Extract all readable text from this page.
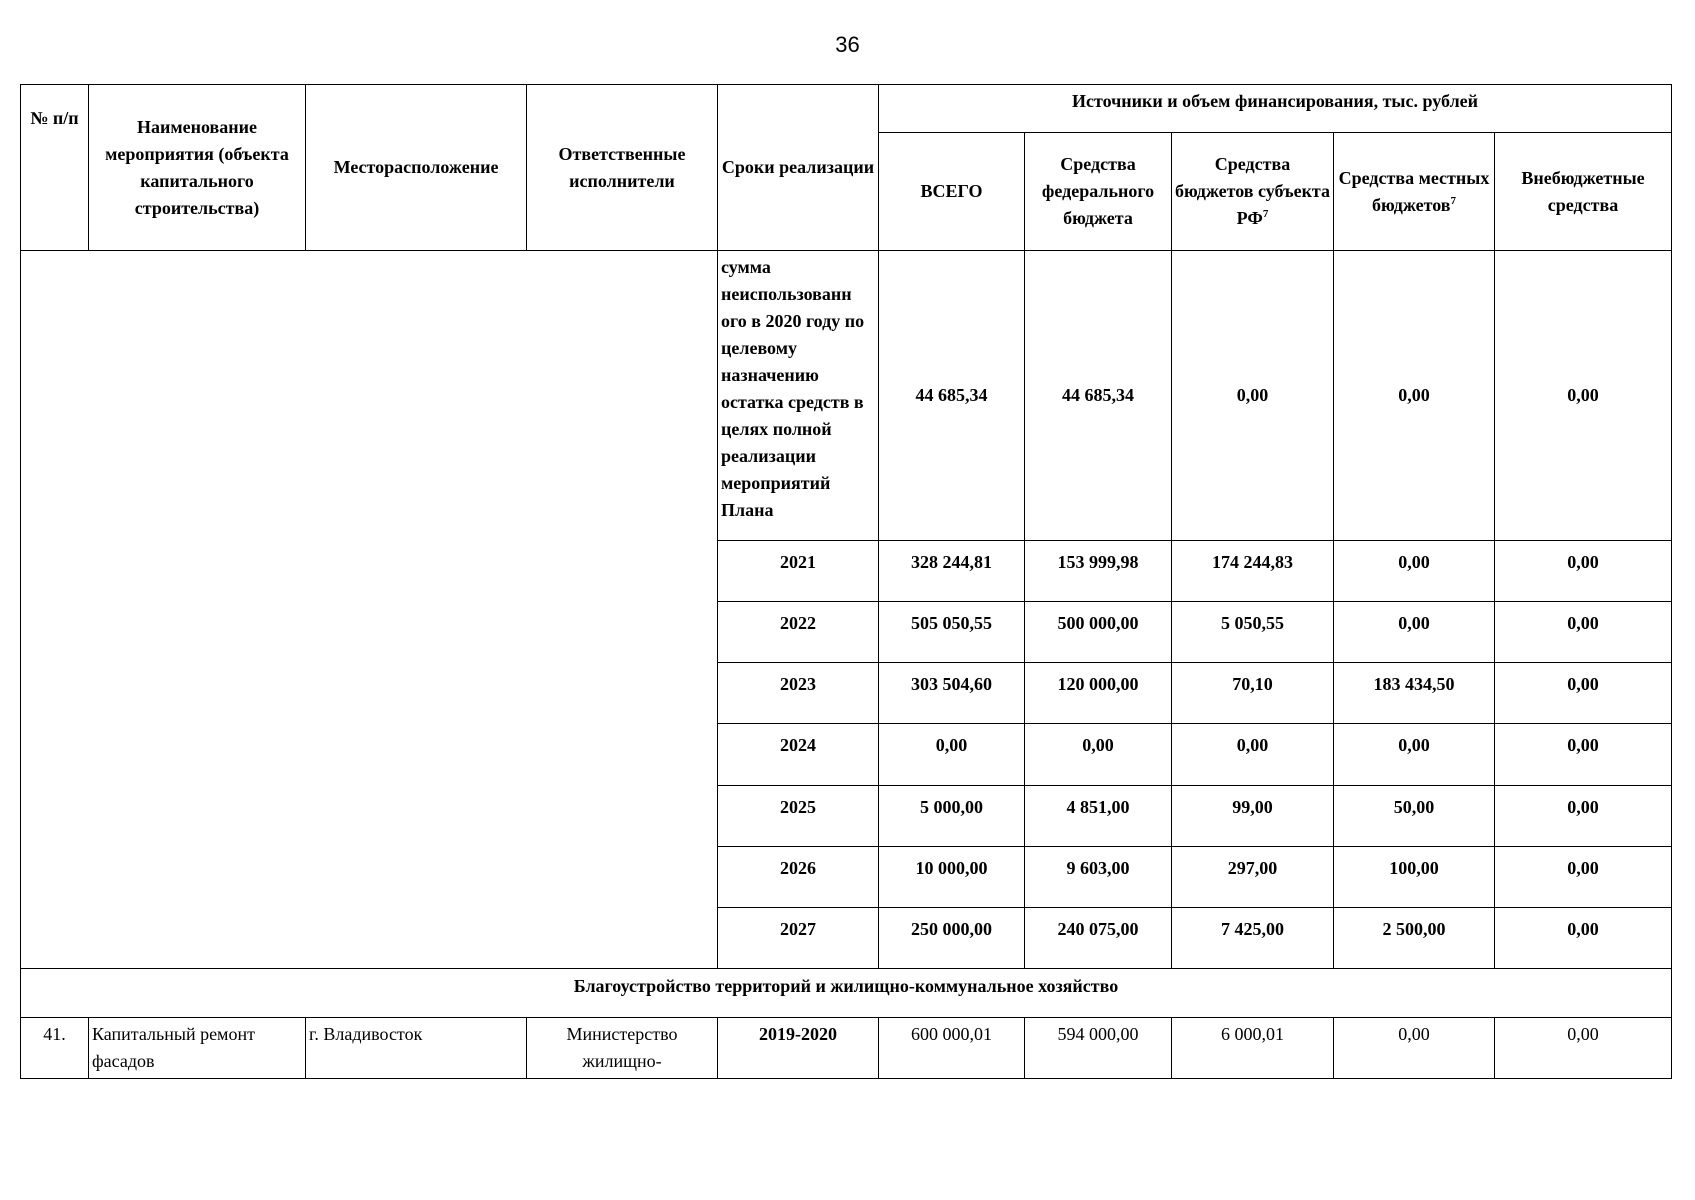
36
№ п/п	Наименование мероприятия (объекта капитального строительства)	Месторасположение	Ответственные исполнители	Сроки реализации	Источники и объем финансирования, тыс. рублей				
					ВСЕГО	Средства федерального бюджета	Средства бюджетов субъекта $РФ^7$	Средства местных бюджетов$^7$	Внебюджетные средства
				сумма неиспользованн ого в 2020 году по целевому назначению остатка средств в целях полной реализации мероприятий Плана	44 685,34	44 685,34	0,00	0,00	0,00
				2021	328 244,81	153 999,98	174 244,83	0,00	0,00
				2022	505 050,55	500 000,00	5 050,55	0,00	0,00
				2023	303 504,60	120 000,00	70,10	183 434,50	0,00
				2024	0,00	0,00	0,00	0,00	0,00
				2025	5 000,00	4 851,00	99,00	50,00	0,00
				2026	10 000,00	9 603,00	297,00	100,00	0,00
				2027	250 000,00	240 075,00	7 425,00	2 500,00	0,00
Благоустройство территорий и жилищно-коммунальное хозяйство									
41.	Капитальный ремонт фасадов	г. Владивосток	Министерство жилищно-	2019-2020	600 000,01	594 000,00	6 000,01	0,00	0,00
